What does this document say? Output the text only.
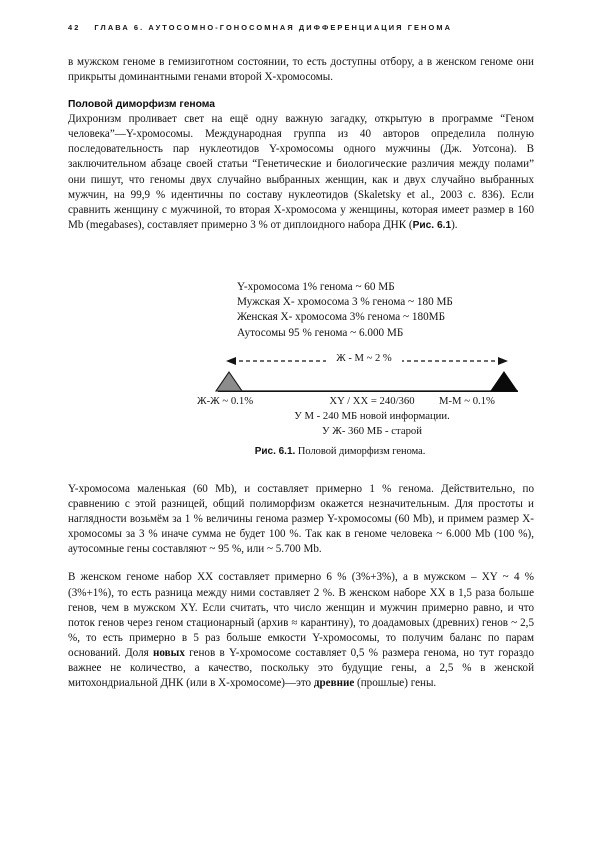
42 ГЛАВА 6. АУТОСОМНО-ГОНОСОМНАЯ ДИФФЕРЕНЦИАЦИЯ ГЕНОМА

в мужском геноме в гемизиготном состоянии, то есть доступны отбору, а в женском геноме они прикрыты доминантными генами второй Х-хромосомы.

Половой диморфизм генома

Дихронизм проливает свет на ещё одну важную загадку, открытую в программе “Геном человека”—Y-хромосомы. Международная группа из 40 авторов определила полную последовательность пар нуклеотидов Y-хромосомы одного мужчины (Дж. Уотсона). В заключительном абзаце своей статьи “Генетические и биологические различия между полами” они пишут, что геномы двух случайно выбранных женщин, как и двух случайно выбранных мужчин, на 99,9 % идентичны по составу нуклеотидов (Skaletsky et al., 2003 с. 836). Если сравнить женщину с мужчиной, то вторая Х-хромосома у женщины, которая имеет размер в 160 Mb (megabases), составляет примерно 3 % от диплоидного набора ДНК (Рис. 6.1).

Y-хромосома 1% генома ~ 60 МБ
Мужская Х- хромосома 3 % генома ~ 180 МБ
Женская Х- хромосома 3% генома ~ 180МБ
Аутосомы 95 % генома ~ 6.000 МБ
Ж - М ~ 2 %
Ж-Ж ~ 0.1%	XY / XX = 240/360	М-М ~ 0.1%
У М - 240 МБ новой информации.
У Ж- 360 МБ - старой
Рис. 6.1. Половой диморфизм генома.

Y-хромосома маленькая (60 Mb), и составляет примерно 1 % генома. Действительно, по сравнению с этой разницей, общий полиморфизм окажется незначительным. Для простоты и наглядности возьмём за 1 % величины генома размер Y-хромосомы (60 Mb), и примем размер Х-хромосомы за 3 % иначе сумма не будет 100 %. Так как в геноме человека ~ 6.000 Mb (100 %), аутосомные гены составляют ~ 95 %, или ~ 5.700 Mb.

В женском геноме набор ХХ составляет примерно 6 % (3%+3%), а в мужском – XY ~ 4 % (3%+1%), то есть разница между ними составляет 2 %. В женском наборе ХХ в 1,5 раза больше генов, чем в мужском XY. Если считать, что число женщин и мужчин примерно равно, и что поток генов через геном стационарный (архив ≈ карантину), то доадамовых (древних) генов ~ 2,5 %, то есть примерно в 5 раз больше емкости Y-хромосомы, то получим баланс по парам оснований. Доля новых генов в Y-хромосоме составляет 0,5 % размера генома, но тут гораздо важнее не количество, а качество, поскольку это будущие гены, а 2,5 % в женской митохондриальной ДНК (или в Х-хромосоме)—это древние (прошлые) гены.
